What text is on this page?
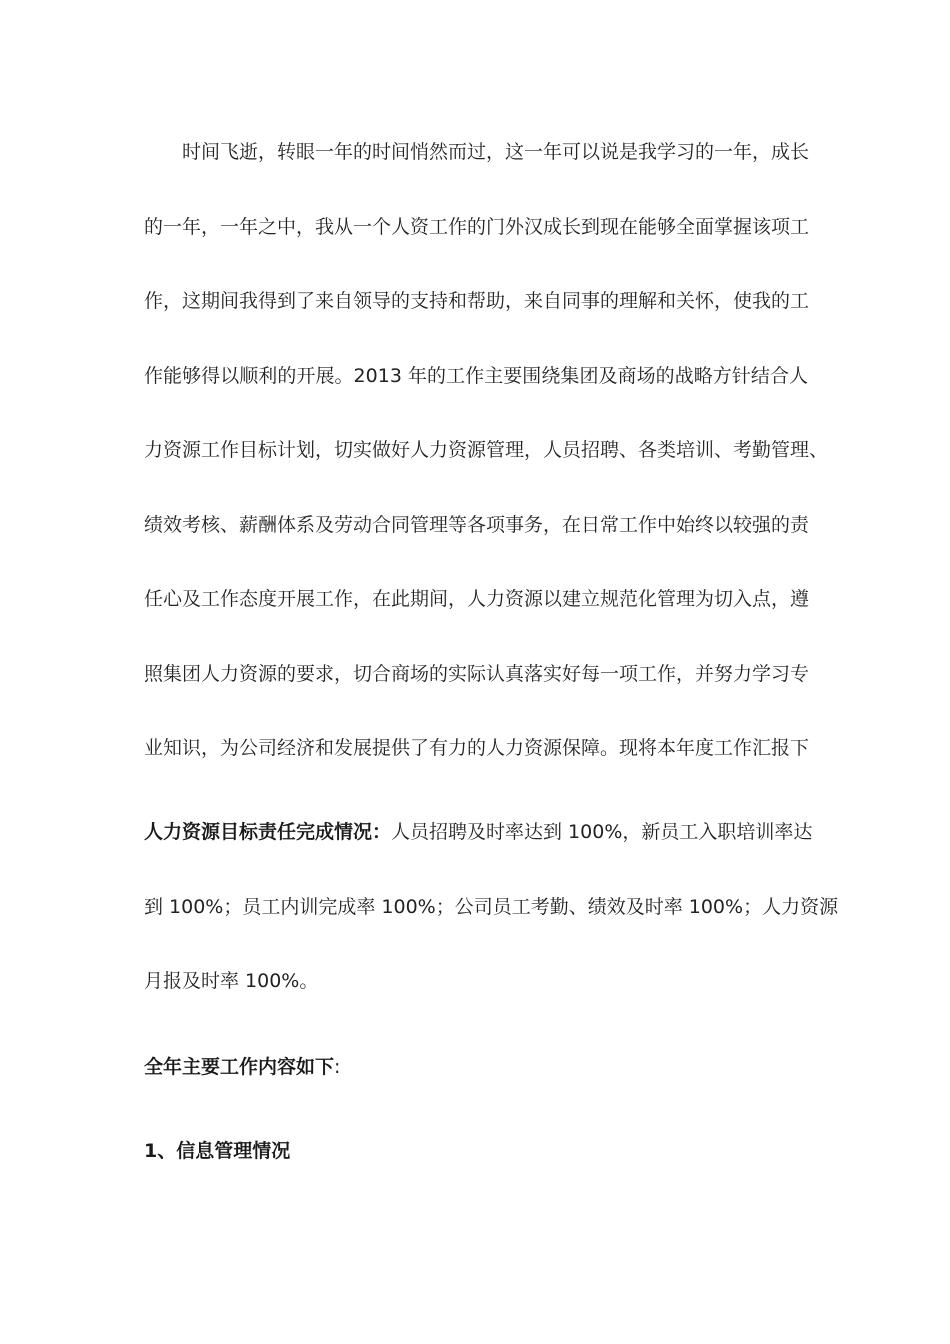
时间飞逝，转眼一年的时间悄然而过，这一年可以说是我学习的一年，成长
的一年，一年之中，我从一个人资工作的门外汉成长到现在能够全面掌握该项工
作，这期间我得到了来自领导的支持和帮助，来自同事的理解和关怀，使我的工
作能够得以顺利的开展。2013 年的工作主要围绕集团及商场的战略方针结合人
力资源工作目标计划，切实做好人力资源管理，人员招聘、各类培训、考勤管理、
绩效考核、薪酬体系及劳动合同管理等各项事务，在日常工作中始终以较强的责
任心及工作态度开展工作，在此期间，人力资源以建立规范化管理为切入点，遵
照集团人力资源的要求，切合商场的实际认真落实好每一项工作，并努力学习专
业知识，为公司经济和发展提供了有力的人力资源保障。现将本年度工作汇报下
人力资源目标责任完成情况：人员招聘及时率达到 100%，新员工入职培训率达
到 100%；员工内训完成率 100%；公司员工考勤、绩效及时率 100%；人力资源
月报及时率 100%。
全年主要工作内容如下:
1、信息管理情况
